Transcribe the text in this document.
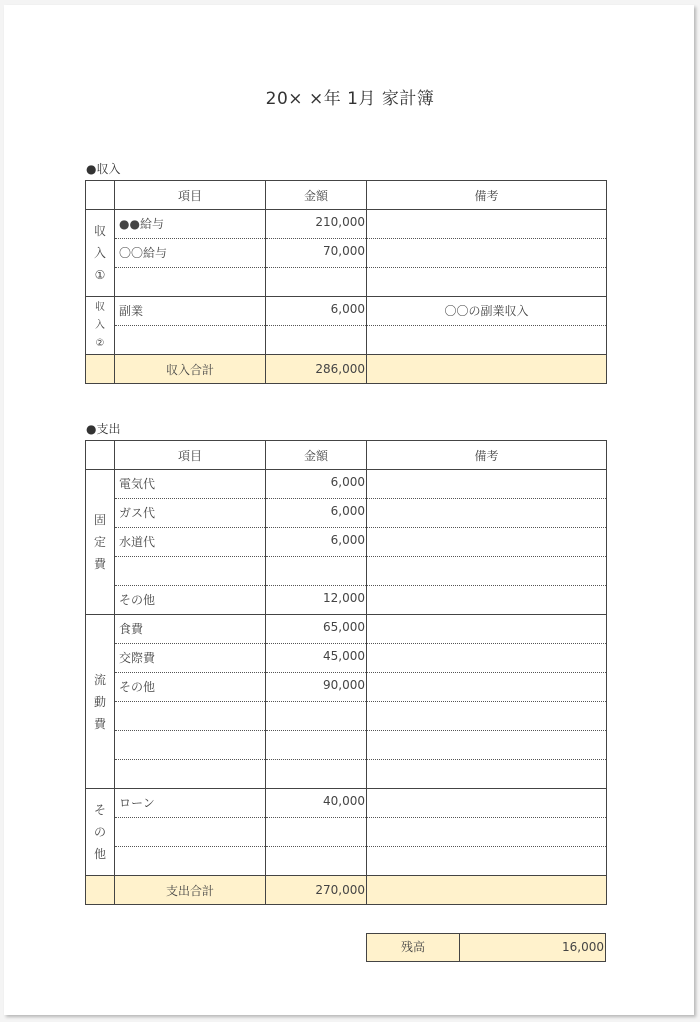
20× ×年 1月 家計簿
●収入
	項目	金額	備考

収
入
①	●●給与	210,000	
	〇〇給与	70,000	

収
入
②	副業	6,000	〇〇の副業収入

	収入合計	286,000	
●支出
	項目	金額	備考

固
定
費	電気代	6,000	
	ガス代	6,000	
	水道代	6,000	

	その他	12,000	

流
動
費	食費	65,000	
	交際費	45,000	
	その他	90,000	

そ
の
他	ローン	40,000	

	支出合計	270,000	
残高	16,000
